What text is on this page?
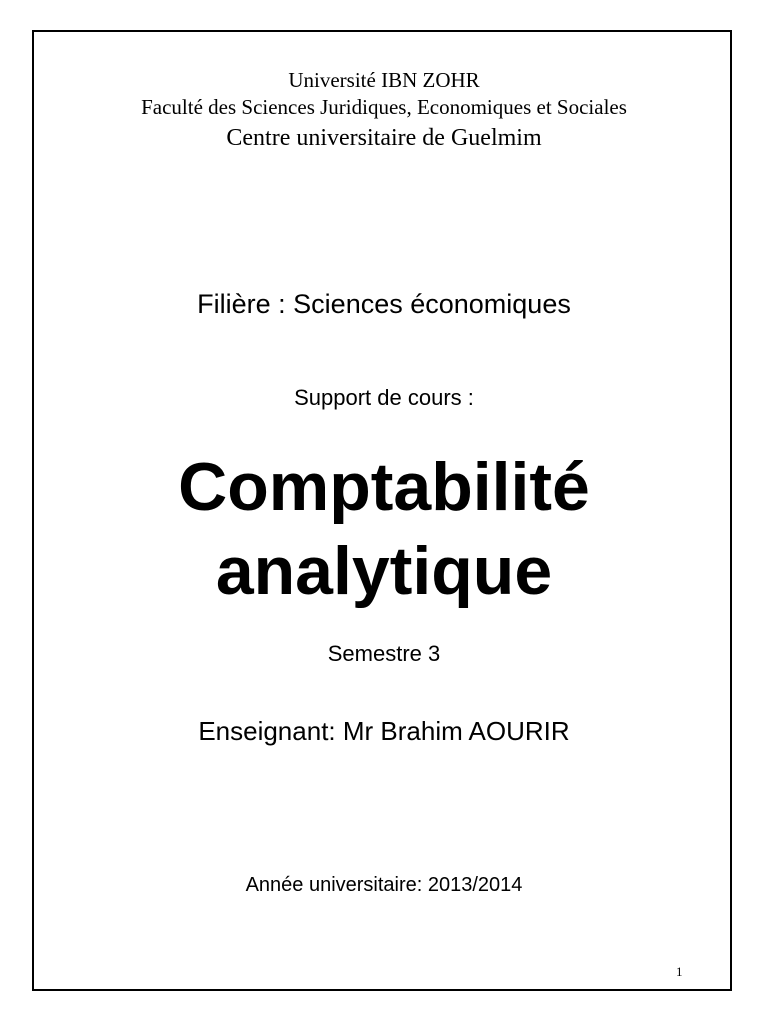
Université IBN ZOHR
Faculté des Sciences Juridiques, Economiques et Sociales
Centre universitaire de Guelmim
Filière : Sciences économiques
Support de cours :
Comptabilité
analytique
Semestre 3
Enseignant: Mr Brahim AOURIR
Année universitaire: 2013/2014
1
